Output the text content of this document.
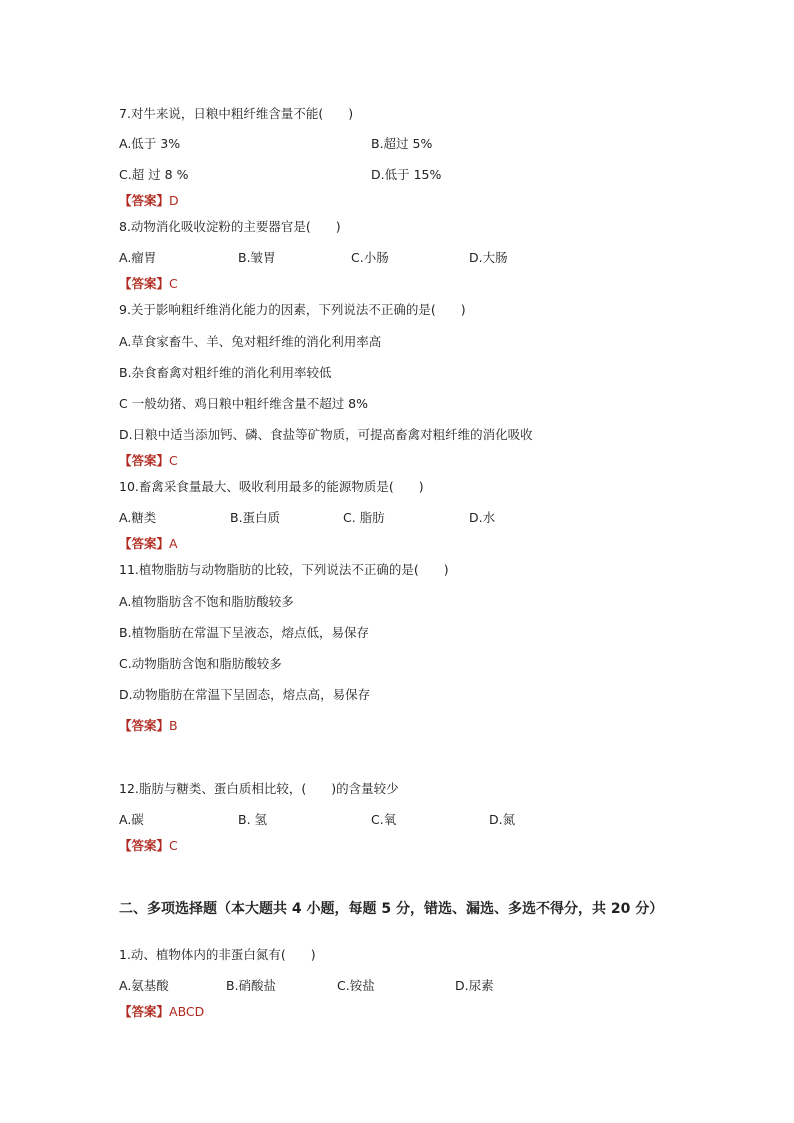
7.对牛来说，日粮中粗纤维含量不能(　　)
A.低于 3%	B.超过 5%
C.超 过 8 %	D.低于 15%
【答案】D
8.动物消化吸收淀粉的主要器官是(　　)
A.瘤胃	B.皱胃	C.小肠	D.大肠
【答案】C
9.关于影响粗纤维消化能力的因素，下列说法不正确的是(　　)
A.草食家畜牛、羊、兔对粗纤维的消化利用率高
B.杂食畜禽对粗纤维的消化利用率较低
C 一般幼猪、鸡日粮中粗纤维含量不超过 8%
D.日粮中适当添加钙、磷、食盐等矿物质，可提高畜禽对粗纤维的消化吸收
【答案】C
10.畜禽采食量最大、吸收利用最多的能源物质是(　　)
A.糖类	B.蛋白质	C. 脂肪	D.水
【答案】A
11.植物脂肪与动物脂肪的比较，下列说法不正确的是(　　)
A.植物脂肪含不饱和脂肪酸较多
B.植物脂肪在常温下呈液态，熔点低，易保存
C.动物脂肪含饱和脂肪酸较多
D.动物脂肪在常温下呈固态，熔点高，易保存
【答案】B
12.脂肪与糖类、蛋白质相比较，(　　)的含量较少
A.碳	B. 氢	C.氧	D.氮
【答案】C
二、多项选择题（本大题共 4 小题，每题 5 分，错选、漏选、多选不得分，共 20 分）
1.动、植物体内的非蛋白氮有(　　)
A.氨基酸	B.硝酸盐	C.铵盐	D.尿素
【答案】ABCD
